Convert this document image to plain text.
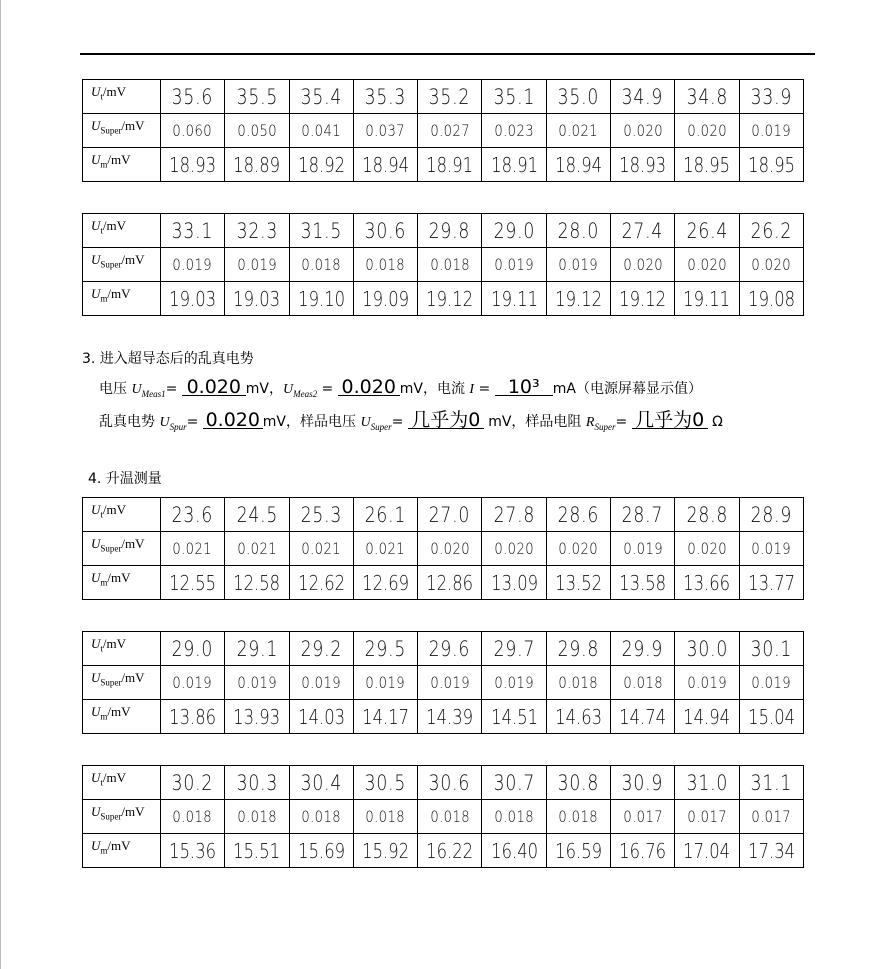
$U_t/mV$	35.6	35.5	35.4	35.3	35.2	35.1	35.0	34.9	34.8	33.9
$U_{Super}/mV$	0.060	0.050	0.041	0.037	0.027	0.023	0.021	0.020	0.020	0.019
$U_m/mV$	18.93	18.89	18.92	18.94	18.91	18.91	18.94	18.93	18.95	18.95
$U_t/mV$	33.1	32.3	31.5	30.6	29.8	29.0	28.0	27.4	26.4	26.2
$U_{Super}/mV$	0.019	0.019	0.018	0.018	0.018	0.019	0.019	0.020	0.020	0.020
$U_m/mV$	19.03	19.03	19.10	19.09	19.12	19.11	19.12	19.12	19.11	19.08
3. 进入超导态后的乱真电势
电压 $U_{Meas1}= 0.020$ mV，$U_{Meas2} = 0.020$ mV，电流 I = 10³ mA（电源屏幕显示值）
乱真电势 $U_{Spur}= 0.020$ mV，样品电压 $U_{Super}=$ 几乎为0 mV，样品电阻 $R_{Super}=$ 几乎为0 Ω
4. 升温测量
$U_t/mV$	23.6	24.5	25.3	26.1	27.0	27.8	28.6	28.7	28.8	28.9
$U_{Super}/mV$	0.021	0.021	0.021	0.021	0.020	0.020	0.020	0.019	0.020	0.019
$U_m/mV$	12.55	12.58	12.62	12.69	12.86	13.09	13.52	13.58	13.66	13.77
$U_t/mV$	29.0	29.1	29.2	29.5	29.6	29.7	29.8	29.9	30.0	30.1
$U_{Super}/mV$	0.019	0.019	0.019	0.019	0.019	0.019	0.018	0.018	0.019	0.019
$U_m/mV$	13.86	13.93	14.03	14.17	14.39	14.51	14.63	14.74	14.94	15.04
$U_t/mV$	30.2	30.3	30.4	30.5	30.6	30.7	30.8	30.9	31.0	31.1
$U_{Super}/mV$	0.018	0.018	0.018	0.018	0.018	0.018	0.018	0.017	0.017	0.017
$U_m/mV$	15.36	15.51	15.69	15.92	16.22	16.40	16.59	16.76	17.04	17.34
